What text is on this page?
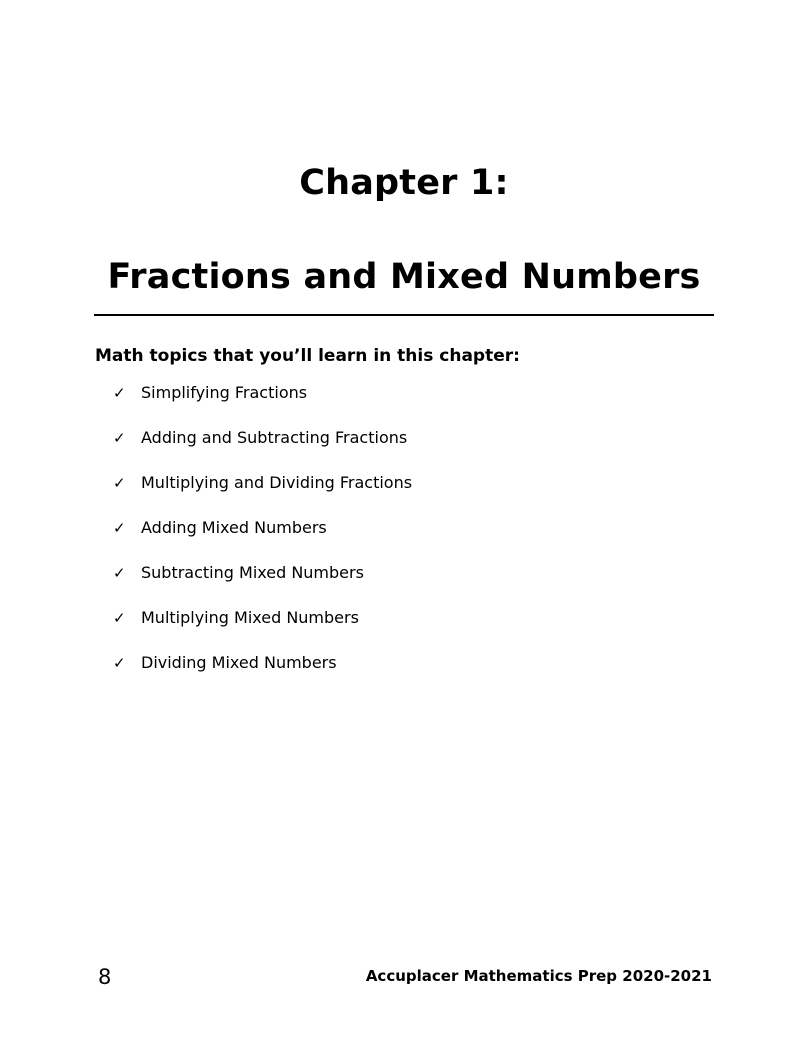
Chapter 1:
Fractions and Mixed Numbers
Math topics that you’ll learn in this chapter:
✓ Simplifying Fractions
✓ Adding and Subtracting Fractions
✓ Multiplying and Dividing Fractions
✓ Adding Mixed Numbers
✓ Subtracting Mixed Numbers
✓ Multiplying Mixed Numbers
✓ Dividing Mixed Numbers
8	Accuplacer Mathematics Prep 2020-2021
